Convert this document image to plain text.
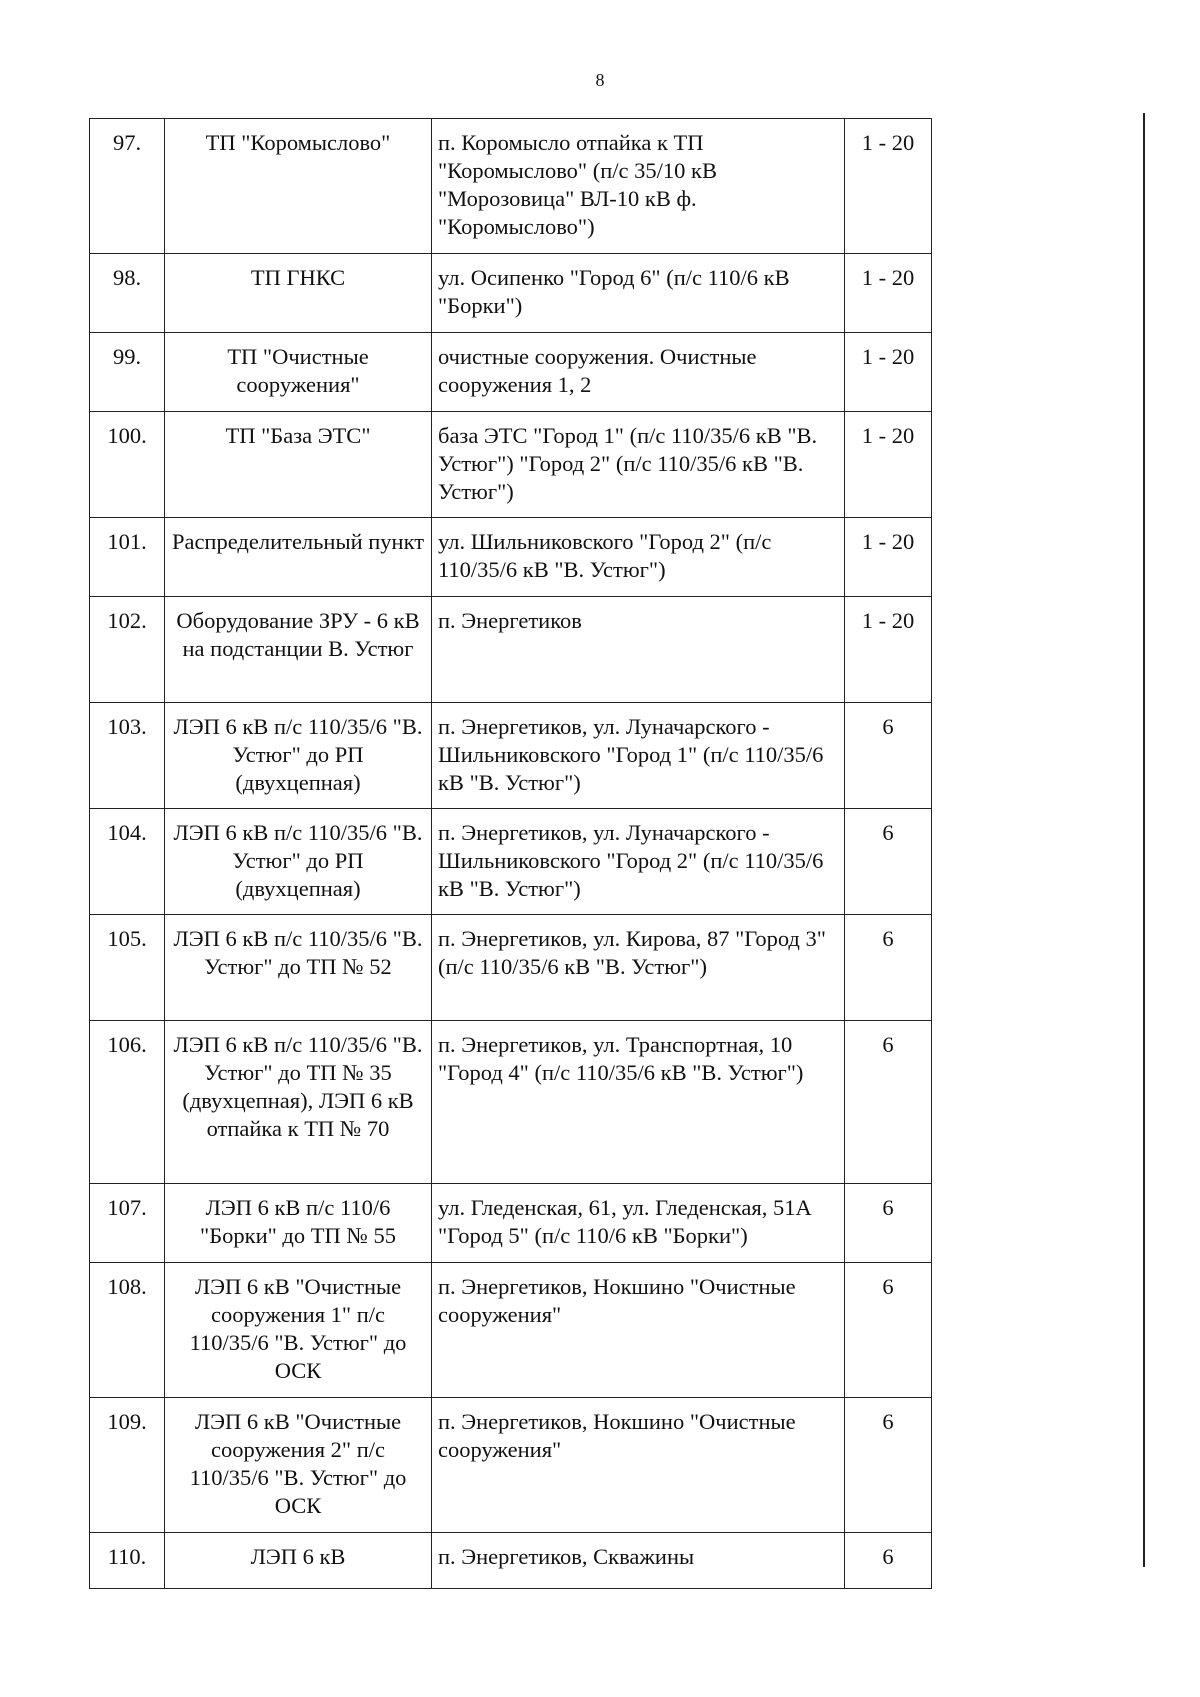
8
97.	ТП "Коромыслово"	п. Коромысло отпайка к ТП "Коромыслово" (п/с 35/10 кВ "Морозовица" ВЛ-10 кВ ф. "Коромыслово")	1 - 20
98.	ТП ГНКС	ул. Осипенко "Город 6" (п/с 110/6 кВ "Борки")	1 - 20
99.	ТП "Очистные сооружения"	очистные сооружения. Очистные сооружения 1, 2	1 - 20
100.	ТП "База ЭТС"	база ЭТС "Город 1" (п/с 110/35/6 кВ "В. Устюг") "Город 2" (п/с 110/35/6 кВ "В. Устюг")	1 - 20
101.	Распределительный пункт	ул. Шильниковского "Город 2" (п/с 110/35/6 кВ "В. Устюг")	1 - 20
102.	Оборудование ЗРУ - 6 кВ на подстанции В. Устюг	п. Энергетиков	1 - 20
103.	ЛЭП 6 кВ п/с 110/35/6 "В. Устюг" до РП (двухцепная)	п. Энергетиков, ул. Луначарского - Шильниковского "Город 1" (п/с 110/35/6 кВ "В. Устюг")	6
104.	ЛЭП 6 кВ п/с 110/35/6 "В. Устюг" до РП (двухцепная)	п. Энергетиков, ул. Луначарского - Шильниковского "Город 2" (п/с 110/35/6 кВ "В. Устюг")	6
105.	ЛЭП 6 кВ п/с 110/35/6 "В. Устюг" до ТП № 52	п. Энергетиков, ул. Кирова, 87 "Город 3" (п/с 110/35/6 кВ "В. Устюг")	6
106.	ЛЭП 6 кВ п/с 110/35/6 "В. Устюг" до ТП № 35 (двухцепная), ЛЭП 6 кВ отпайка к ТП № 70	п. Энергетиков, ул. Транспортная, 10 "Город 4" (п/с 110/35/6 кВ "В. Устюг")	6
107.	ЛЭП 6 кВ п/с 110/6 "Борки" до ТП № 55	ул. Гледенская, 61, ул. Гледенская, 51А "Город 5" (п/с 110/6 кВ "Борки")	6
108.	ЛЭП 6 кВ "Очистные сооружения 1" п/с 110/35/6 "В. Устюг" до ОСК	п. Энергетиков, Нокшино "Очистные сооружения"	6
109.	ЛЭП 6 кВ "Очистные сооружения 2" п/с 110/35/6 "В. Устюг" до ОСК	п. Энергетиков, Нокшино "Очистные сооружения"	6
110.	ЛЭП 6 кВ	п. Энергетиков, Скважины	6
